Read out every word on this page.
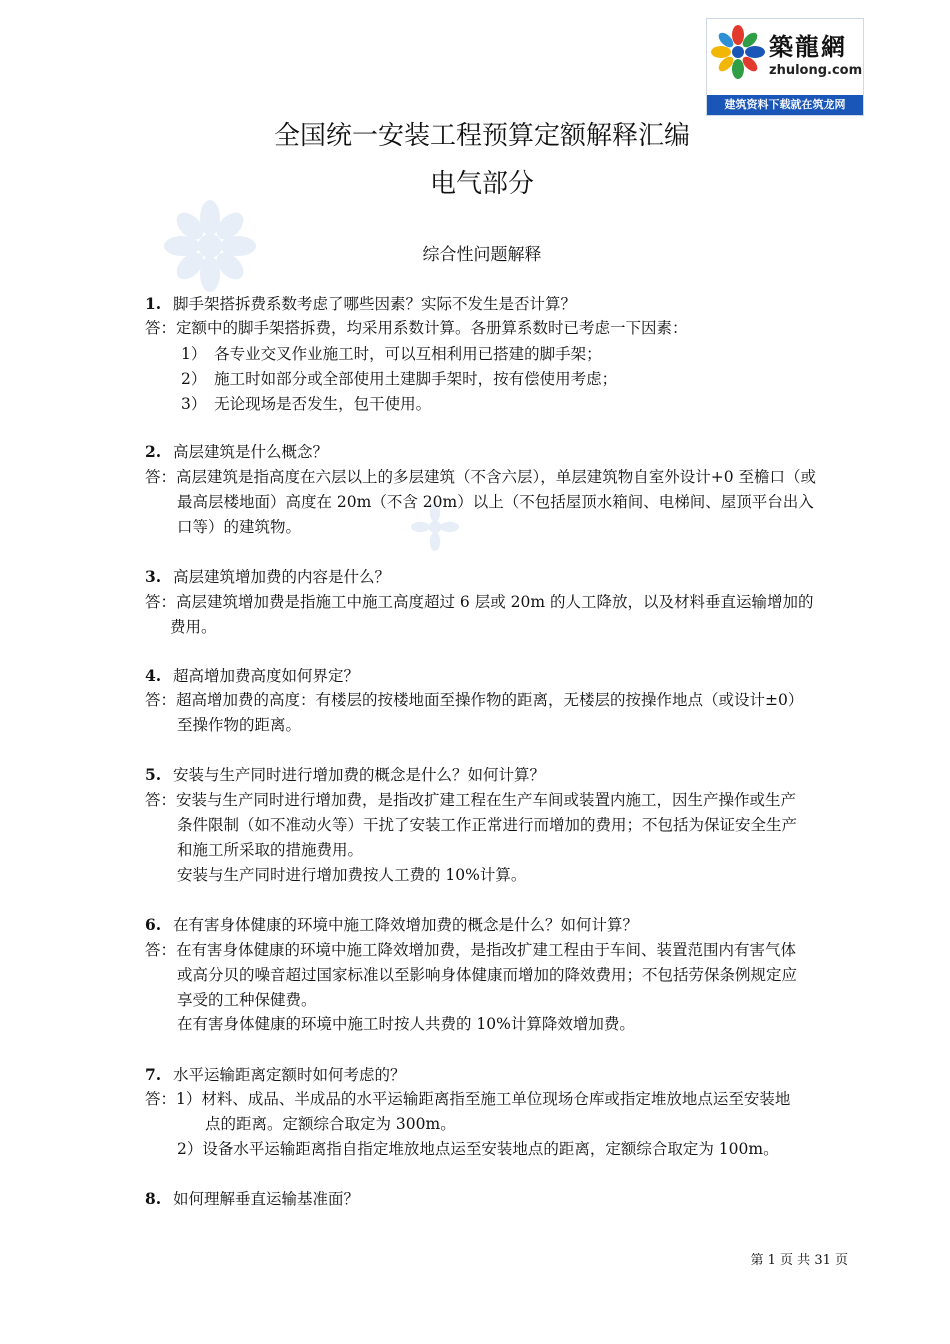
築龍網
zhulong.com
建筑资料下载就在筑龙网
全国统一安装工程预算定额解释汇编
电气部分
综合性问题解释
1. 脚手架搭拆费系数考虑了哪些因素？实际不发生是否计算？
答：定额中的脚手架搭拆费，均采用系数计算。各册算系数时已考虑一下因素：
1）　各专业交叉作业施工时，可以互相利用已搭建的脚手架；
2）　施工时如部分或全部使用土建脚手架时，按有偿使用考虑；
3）　无论现场是否发生，包干使用。
2. 高层建筑是什么概念？
答：高层建筑是指高度在六层以上的多层建筑（不含六层），单层建筑物自室外设计+0 至檐口（或
最高层楼地面）高度在 20m（不含 20m）以上（不包括屋顶水箱间、电梯间、屋顶平台出入
口等）的建筑物。
3. 高层建筑增加费的内容是什么？
答：高层建筑增加费是指施工中施工高度超过 6 层或 20m 的人工降放，以及材料垂直运输增加的
费用。
4. 超高增加费高度如何界定？
答：超高增加费的高度：有楼层的按楼地面至操作物的距离，无楼层的按操作地点（或设计±0）
至操作物的距离。
5. 安装与生产同时进行增加费的概念是什么？如何计算？
答：安装与生产同时进行增加费，是指改扩建工程在生产车间或装置内施工，因生产操作或生产
条件限制（如不准动火等）干扰了安装工作正常进行而增加的费用；不包括为保证安全生产
和施工所采取的措施费用。
安装与生产同时进行增加费按人工费的 10%计算。
6. 在有害身体健康的环境中施工降效增加费的概念是什么？如何计算？
答：在有害身体健康的环境中施工降效增加费，是指改扩建工程由于车间、装置范围内有害气体
或高分贝的噪音超过国家标准以至影响身体健康而增加的降效费用；不包括劳保条例规定应
享受的工种保健费。
在有害身体健康的环境中施工时按人共费的 10%计算降效增加费。
7. 水平运输距离定额时如何考虑的？
答：1）材料、成品、半成品的水平运输距离指至施工单位现场仓库或指定堆放地点运至安装地
点的距离。定额综合取定为 300m。
2）设备水平运输距离指自指定堆放地点运至安装地点的距离，定额综合取定为 100m。
8. 如何理解垂直运输基准面？
第 1 页 共 31 页
